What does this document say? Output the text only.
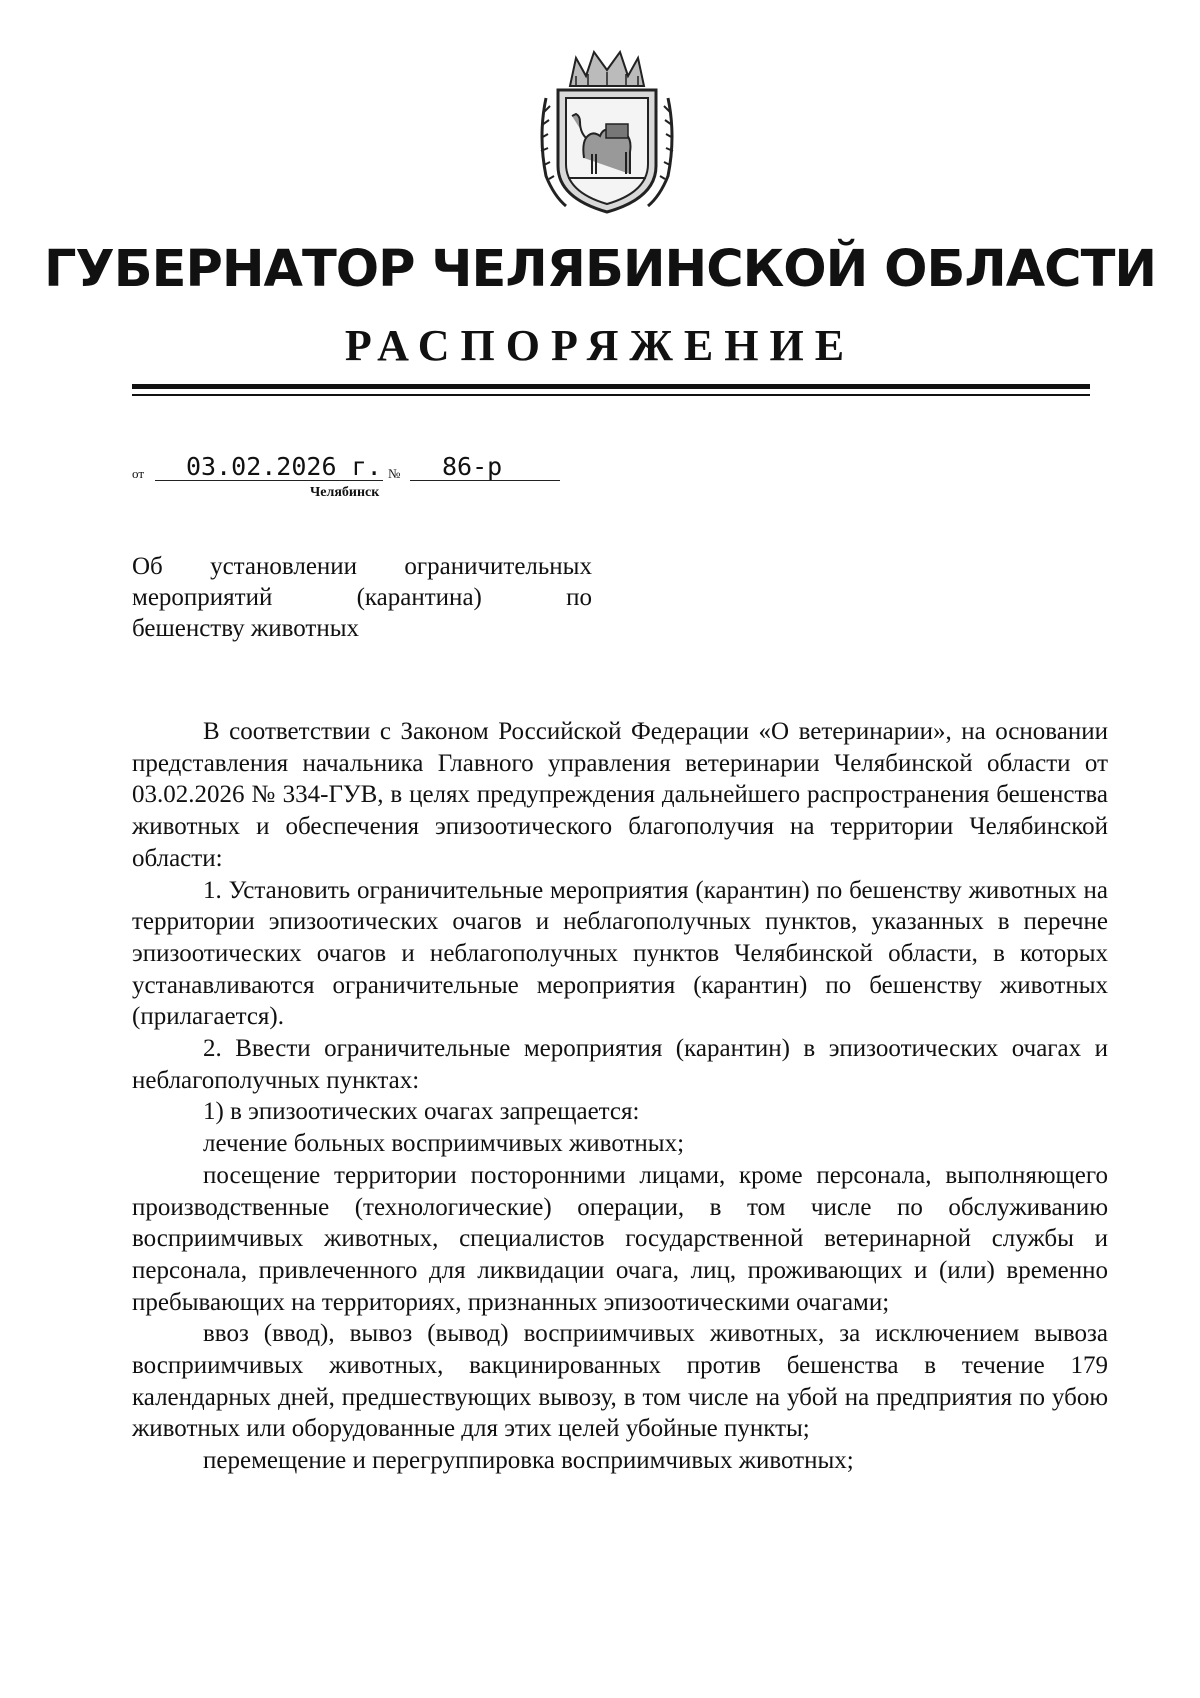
ГУБЕРНАТОР ЧЕЛЯБИНСКОЙ ОБЛАСТИ
РАСПОРЯЖЕНИЕ
от 03.02.2026 г. № 86-р
Челябинск
Об установлении ограничительных
мероприятий	(карантина)	по
бешенству животных

В соответствии с Законом Российской Федерации «О ветеринарии», на основании представления начальника Главного управления ветеринарии Челябинской области от 03.02.2026 № 334-ГУВ, в целях предупреждения дальнейшего распространения бешенства животных и обеспечения эпизоотического благополучия на территории Челябинской области:

1. Установить ограничительные мероприятия (карантин) по бешенству животных на территории эпизоотических очагов и неблагополучных пунктов, указанных в перечне эпизоотических очагов и неблагополучных пунктов Челябинской области, в которых устанавливаются ограничительные мероприятия (карантин) по бешенству животных (прилагается).

2. Ввести ограничительные мероприятия (карантин) в эпизоотических очагах и неблагополучных пунктах:

1) в эпизоотических очагах запрещается:

лечение больных восприимчивых животных;

посещение территории посторонними лицами, кроме персонала, выполняющего производственные (технологические) операции, в том числе по обслуживанию восприимчивых животных, специалистов государственной ветеринарной службы и персонала, привлеченного для ликвидации очага, лиц, проживающих и (или) временно пребывающих на территориях, признанных эпизоотическими очагами;

ввоз (ввод), вывоз (вывод) восприимчивых животных, за исключением вывоза восприимчивых животных, вакцинированных против бешенства в течение 179 календарных дней, предшествующих вывозу, в том числе на убой на предприятия по убою животных или оборудованные для этих целей убойные пункты;

перемещение и перегруппировка восприимчивых животных;
